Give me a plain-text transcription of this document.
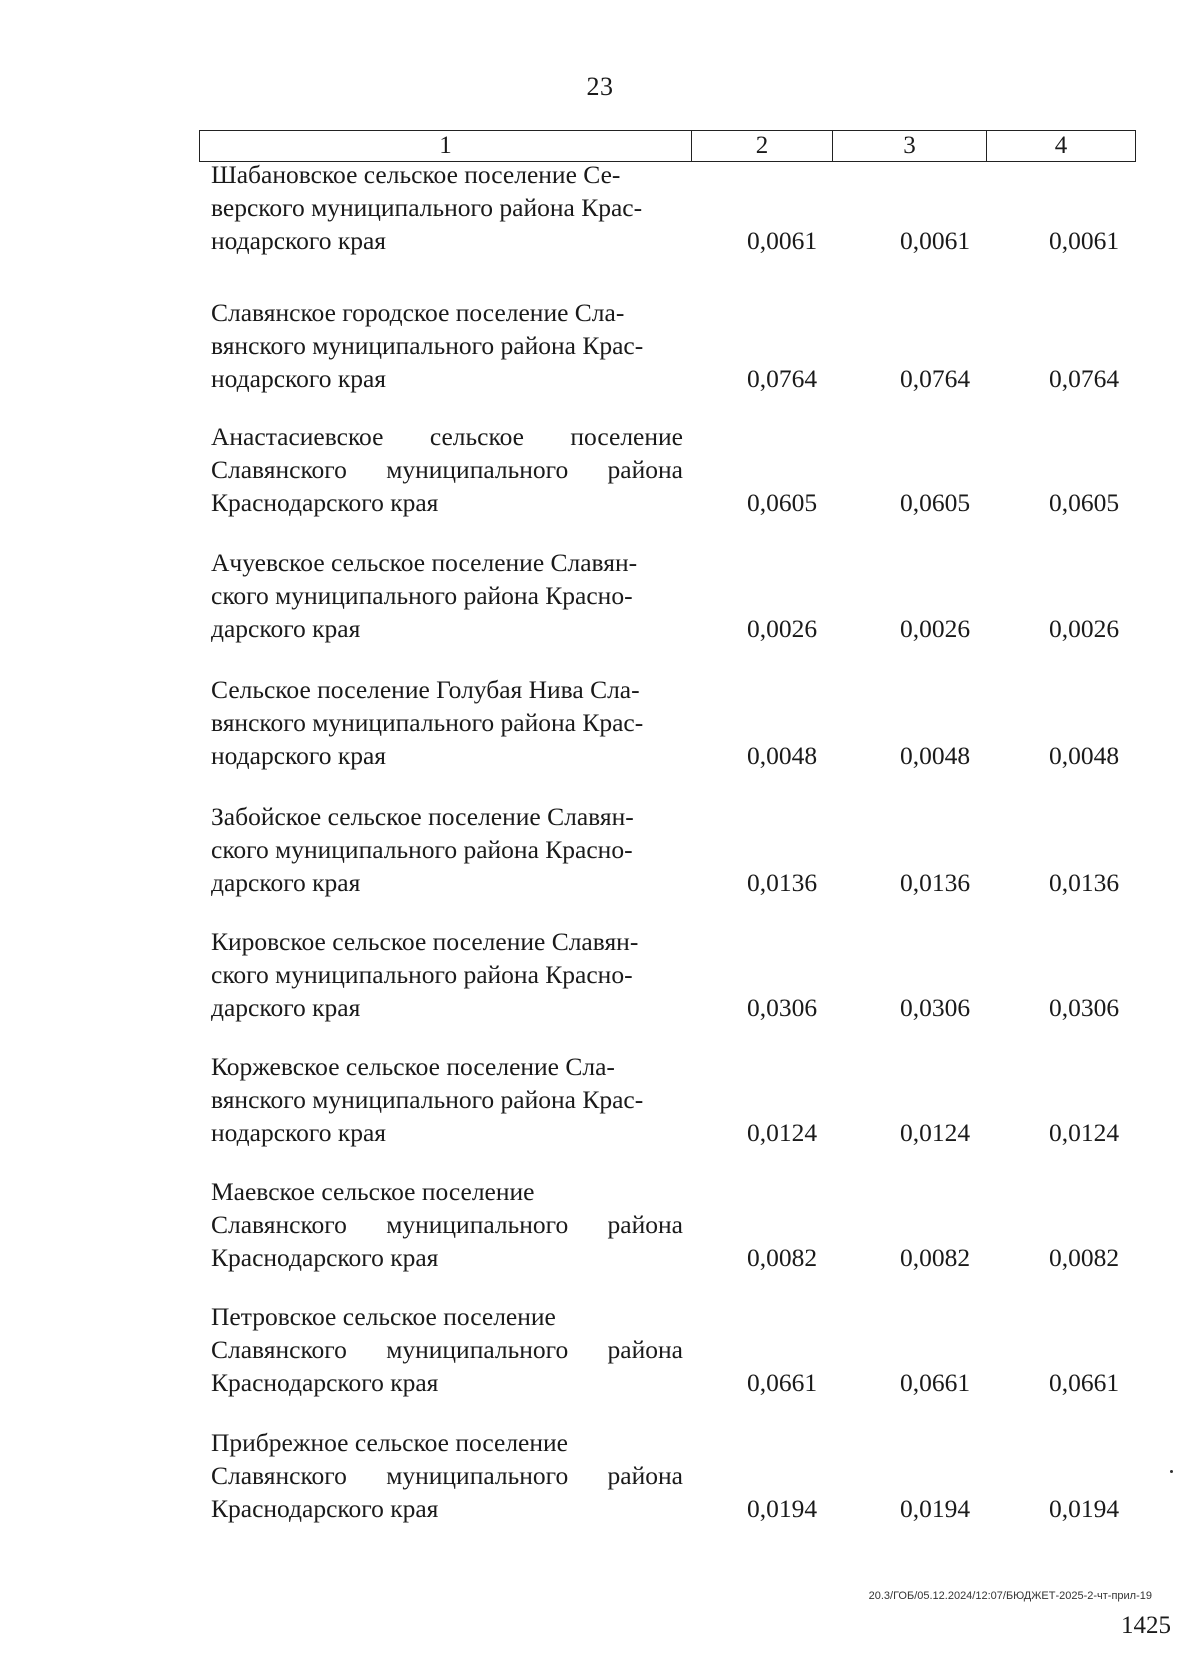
23
1	2	3	4
Шабановское сельское поселение Се-
верского муниципального района Крас-
нодарского края	0,0061	0,0061	0,0061
Славянское городское поселение Сла-
вянского муниципального района Крас-
нодарского края	0,0764	0,0764	0,0764
Анастасиевское сельское поселение
Славянского муниципального района
Краснодарского края	0,0605	0,0605	0,0605
Ачуевское сельское поселение Славян-
ского муниципального района Красно-
дарского края	0,0026	0,0026	0,0026
Сельское поселение Голубая Нива Сла-
вянского муниципального района Крас-
нодарского края	0,0048	0,0048	0,0048
Забойское сельское поселение Славян-
ского муниципального района Красно-
дарского края	0,0136	0,0136	0,0136
Кировское сельское поселение Славян-
ского муниципального района Красно-
дарского края	0,0306	0,0306	0,0306
Коржевское сельское поселение Сла-
вянского муниципального района Крас-
нодарского края	0,0124	0,0124	0,0124
Маевское сельское поселение
Славянского муниципального района
Краснодарского края	0,0082	0,0082	0,0082
Петровское сельское поселение
Славянского муниципального района
Краснодарского края	0,0661	0,0661	0,0661
Прибрежное сельское поселение
Славянского муниципального района
Краснодарского края	0,0194	0,0194	0,0194
20.3/ГОБ/05.12.2024/12:07/БЮДЖЕТ-2025-2-чт-прил-19
1425
